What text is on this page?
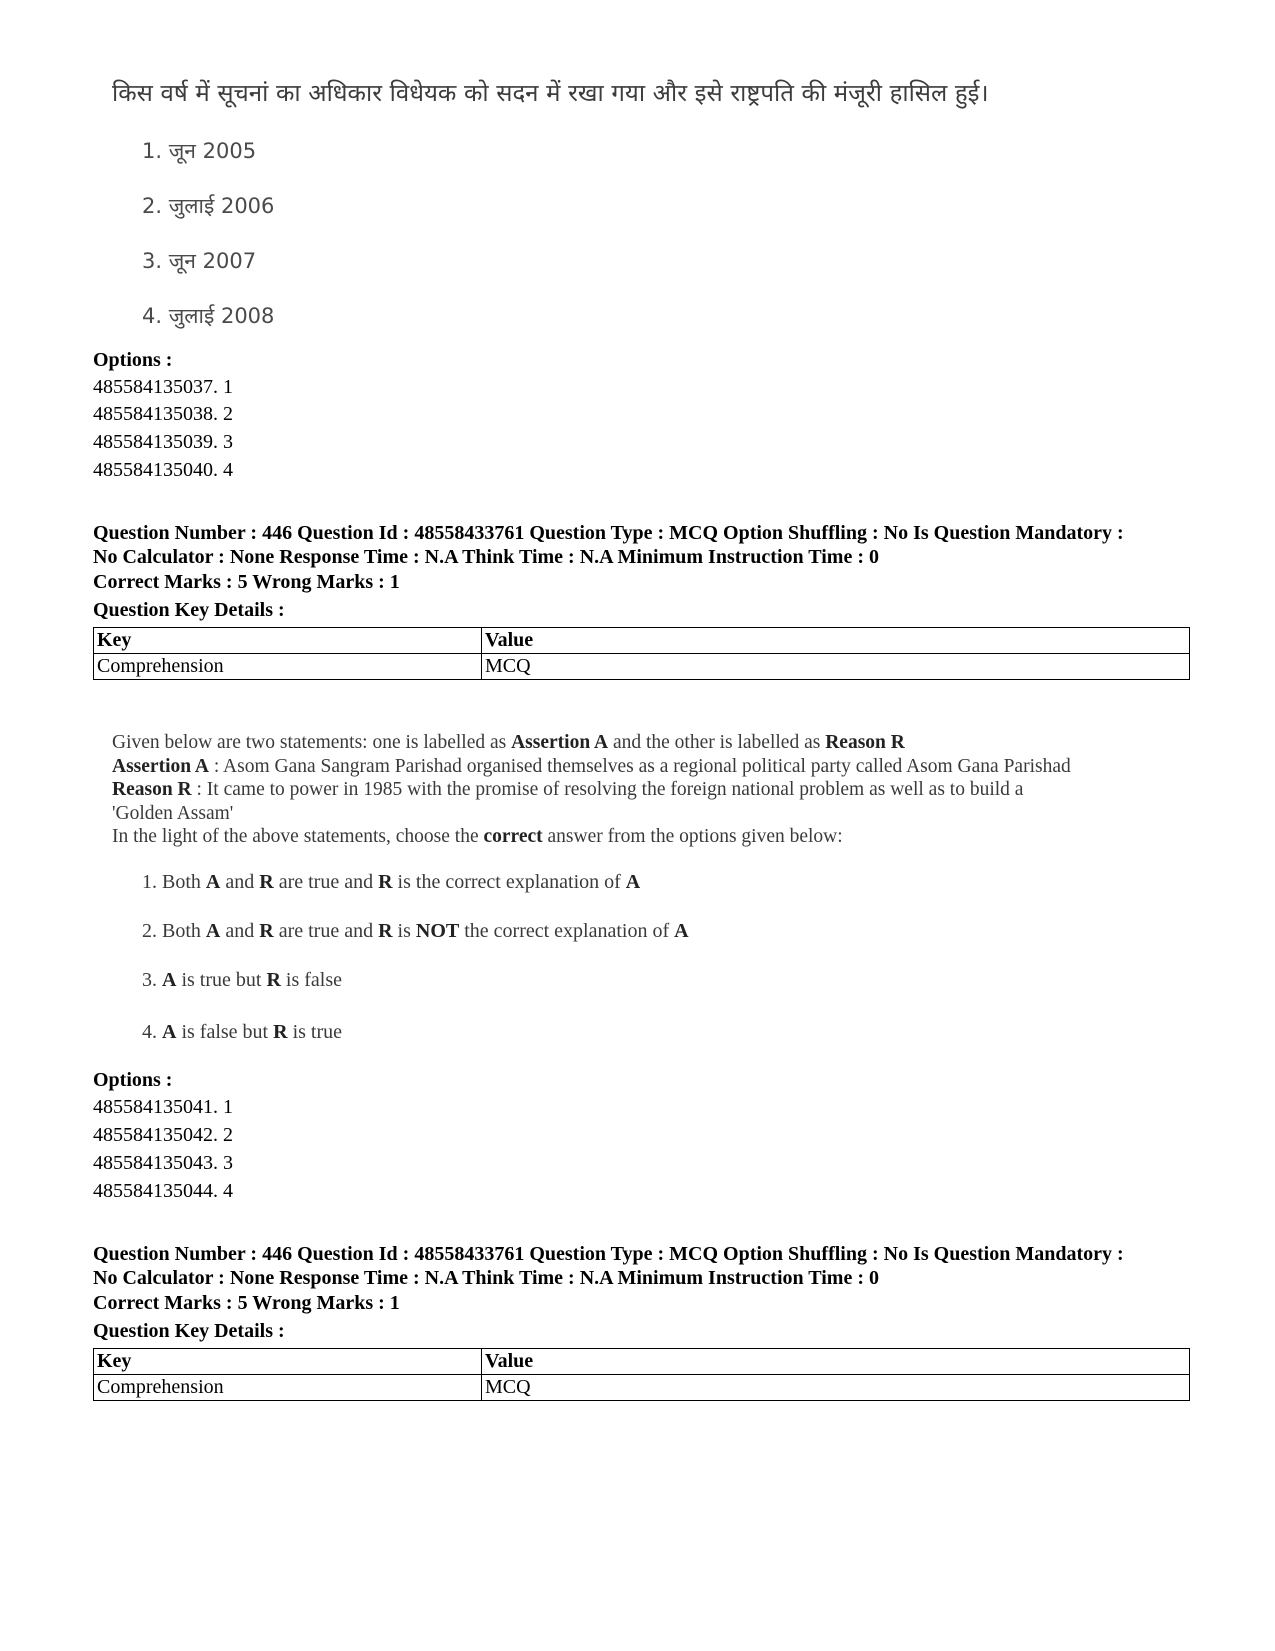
किस वर्ष में सूचनां का अधिकार विधेयक को सदन में रखा गया और इसे राष्ट्रपति की मंजूरी हासिल हुई।
1. जून 2005
2. जुलाई 2006
3. जून 2007
4. जुलाई 2008
Options :
485584135037. 1
485584135038. 2
485584135039. 3
485584135040. 4
Question Number : 446 Question Id : 48558433761 Question Type : MCQ Option Shuffling : No Is Question Mandatory :
No Calculator : None Response Time : N.A Think Time : N.A Minimum Instruction Time : 0
Correct Marks : 5 Wrong Marks : 1
Question Key Details :
Key	Value
Comprehension	MCQ
Given below are two statements: one is labelled as Assertion A and the other is labelled as Reason R
Assertion A : Asom Gana Sangram Parishad organised themselves as a regional political party called Asom Gana Parishad
Reason R : It came to power in 1985 with the promise of resolving the foreign national problem as well as to build a
'Golden Assam'
In the light of the above statements, choose the correct answer from the options given below:
1. Both A and R are true and R is the correct explanation of A
2. Both A and R are true and R is NOT the correct explanation of A
3. A is true but R is false
4. A is false but R is true
Options :
485584135041. 1
485584135042. 2
485584135043. 3
485584135044. 4
Question Number : 446 Question Id : 48558433761 Question Type : MCQ Option Shuffling : No Is Question Mandatory :
No Calculator : None Response Time : N.A Think Time : N.A Minimum Instruction Time : 0
Correct Marks : 5 Wrong Marks : 1
Question Key Details :
Key	Value
Comprehension	MCQ
